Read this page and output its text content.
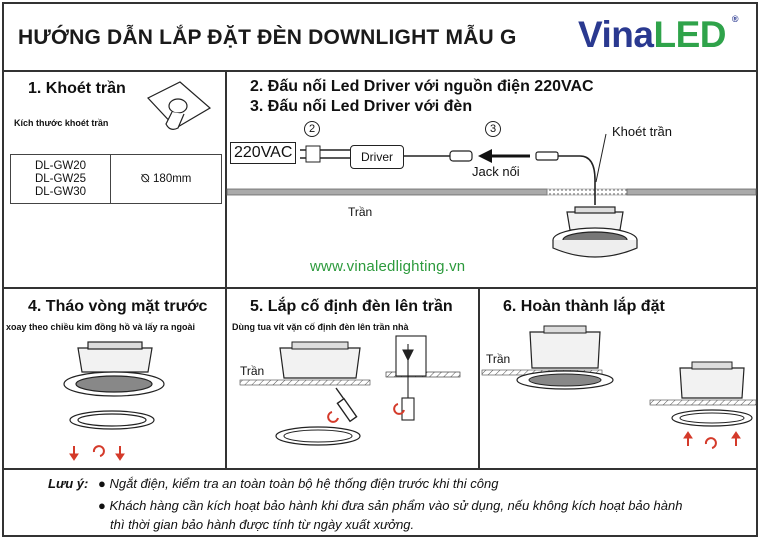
HƯỚNG DẪN LẮP ĐẶT ĐÈN DOWNLIGHT MẪU G VinaLED ®
1. Khoét trần
Kích thước khoét trần
DL-GW20
DL-GW25
DL-GW30
	⦰ 180mm
2. Đấu nối Led Driver với nguồn điện 220VAC
3. Đấu nối Led Driver với đèn
220VAC	Driver
2	3
Jack nối
Khoét trần
Trần
www.vinaledlighting.vn
4. Tháo vòng mặt trước
xoay theo chiều kim đồng hồ và lấy ra ngoài
5. Lắp cố định đèn lên trần
Dùng tua vít vặn cố định đèn lên trần nhà
Trần
6. Hoàn thành lắp đặt
Trần
Lưu ý: ● Ngắt điện, kiểm tra an toàn toàn bộ hệ thống điện trước khi thi công
● Khách hàng cần kích hoạt bảo hành khi đưa sản phẩm vào sử dụng, nếu không kích hoạt bảo hành
thì thời gian bảo hành được tính từ ngày xuất xưởng.
